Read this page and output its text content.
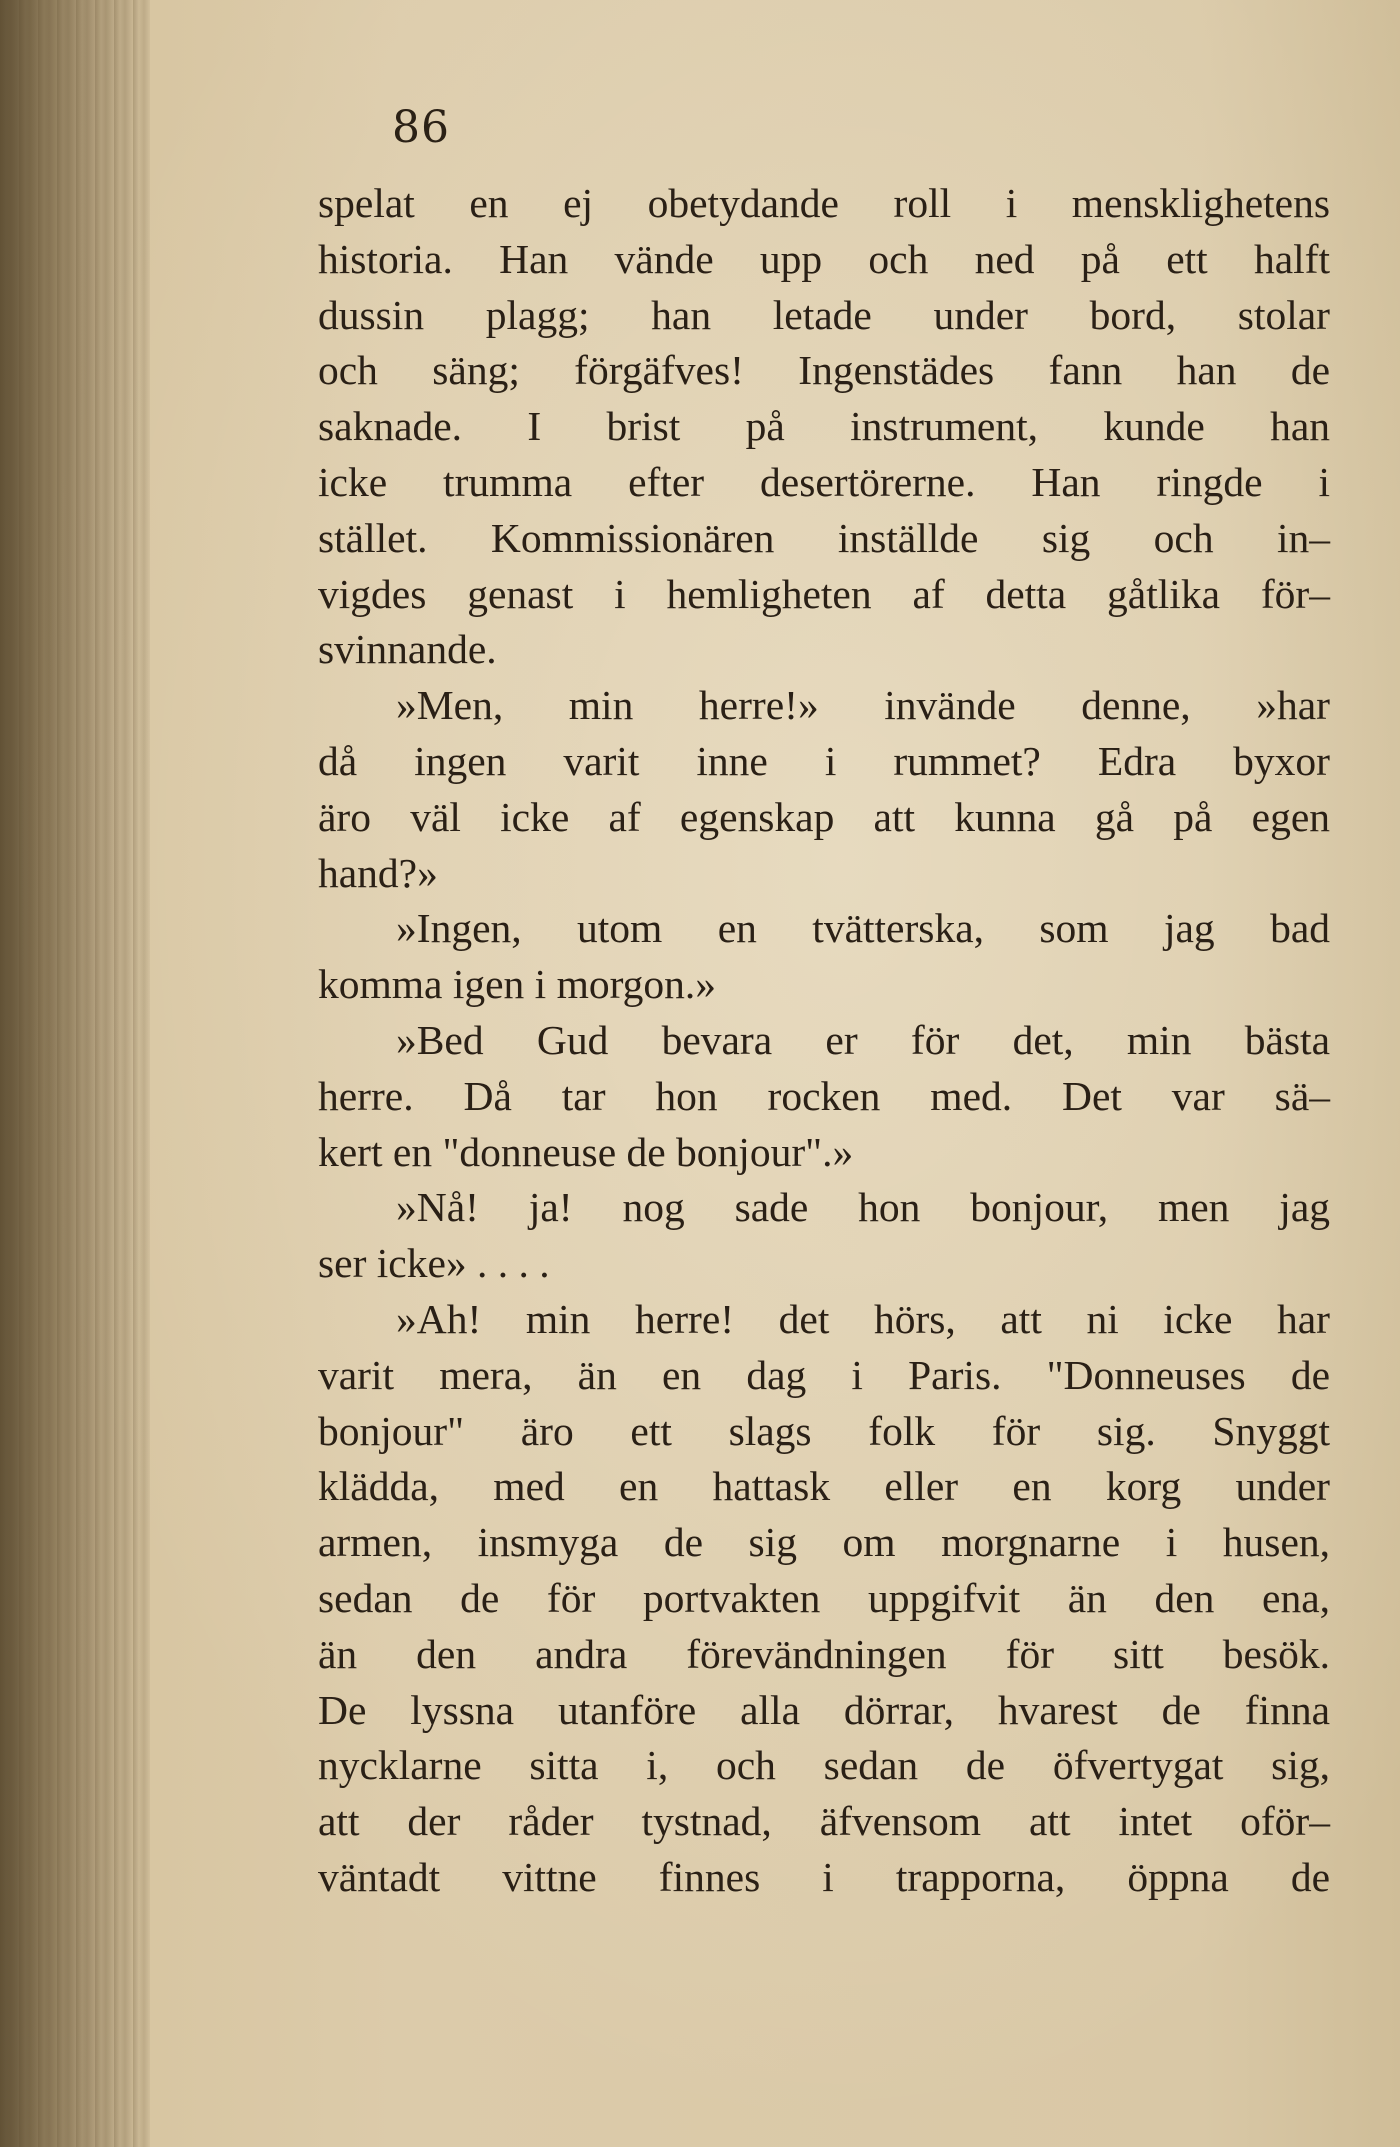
86
spelat en ej obetydande roll i mensklighetens
historia. Han vände upp och ned på ett halft
dussin plagg; han letade under bord, stolar
och säng; förgäfves! Ingenstädes fann han de
saknade. I brist på instrument, kunde han
icke trumma efter desertörerne. Han ringde i
stället. Kommissionären inställde sig och in–
vigdes genast i hemligheten af detta gåtlika för–
svinnande.
»Men, min herre!» invände denne, »har
då ingen varit inne i rummet? Edra byxor
äro väl icke af egenskap att kunna gå på egen
hand?»
»Ingen, utom en tvätterska, som jag bad
komma igen i morgon.»
»Bed Gud bevara er för det, min bästa
herre. Då tar hon rocken med. Det var sä–
kert en "donneuse de bonjour".»
»Nå! ja! nog sade hon bonjour, men jag
ser icke» . . . .
»Ah! min herre! det hörs, att ni icke har
varit mera, än en dag i Paris. "Donneuses de
bonjour" äro ett slags folk för sig. Snyggt
klädda, med en hattask eller en korg under
armen, insmyga de sig om morgnarne i husen,
sedan de för portvakten uppgifvit än den ena,
än den andra förevändningen för sitt besök.
De lyssna utanföre alla dörrar, hvarest de finna
nycklarne sitta i, och sedan de öfvertygat sig,
att der råder tystnad, äfvensom att intet oför–
väntadt vittne finnes i trapporna, öppna de
